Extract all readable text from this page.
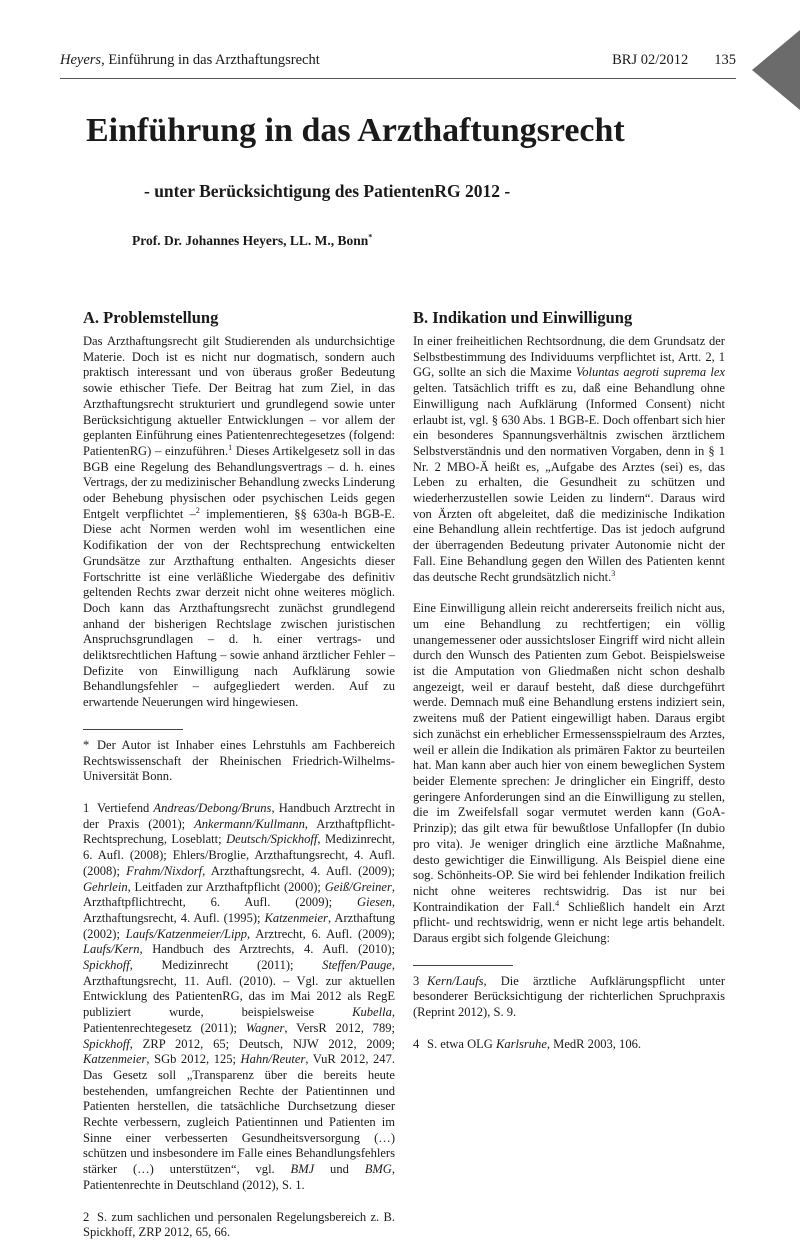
Heyers, Einführung in das Arzthaftungsrecht	BRJ 02/2012 135
Einführung in das Arzthaftungsrecht

- unter Berücksichtigung des PatientenRG 2012 -

Prof. Dr. Johannes Heyers, LL. M., Bonn*

A. Problemstellung

Das Arzthaftungsrecht gilt Studierenden als undurchsichtige Materie. Doch ist es nicht nur dogmatisch, sondern auch praktisch interessant und von überaus großer Bedeutung sowie ethischer Tiefe. Der Beitrag hat zum Ziel, in das Arzthaftungsrecht strukturiert und grundlegend sowie unter Berücksichtigung aktueller Entwicklungen – vor allem der geplanten Einführung eines Patientenrechtegesetzes (folgend: PatientenRG) – einzuführen.$^1$ Dieses Artikelgesetz soll in das BGB eine Regelung des Behandlungsvertrags – d. h. eines Vertrags, der zu medizinischer Behandlung zwecks Linderung oder Behebung physischen oder psychischen Leids gegen Entgelt verpflichtet –$^2$ implementieren, §§ 630a-h BGB-E. Diese acht Normen werden wohl im wesentlichen eine Kodifikation der von der Rechtsprechung entwickelten Grundsätze zur Arzthaftung enthalten. Angesichts dieser Fortschritte ist eine verläßliche Wiedergabe des definitiv geltenden Rechts zwar derzeit nicht ohne weiteres möglich. Doch kann das Arzthaftungsrecht zunächst grundlegend anhand der bisherigen Rechtslage zwischen juristischen Anspruchsgrundlagen – d. h. einer vertrags- und deliktsrechtlichen Haftung – sowie anhand ärztlicher Fehler – Defizite von Einwilligung nach Aufklärung sowie Behandlungsfehler – aufgegliedert werden. Auf zu erwartende Neuerungen wird hingewiesen.

* Der Autor ist Inhaber eines Lehrstuhls am Fachbereich Rechtswissenschaft der Rheinischen Friedrich-Wilhelms-Universität Bonn.

1 Vertiefend Andreas/Debong/Bruns, Handbuch Arztrecht in der Praxis (2001); Ankermann/Kullmann, Arzthaftpflicht-Rechtsprechung, Loseblatt; Deutsch/Spickhoff, Medizinrecht, 6. Aufl. (2008); Ehlers/Broglie, Arzthaftungsrecht, 4. Aufl. (2008); Frahm/Nixdorf, Arzthaftungsrecht, 4. Aufl. (2009); Gehrlein, Leitfaden zur Arzthaftpflicht (2000); Geiß/Greiner, Arzthaftpflichtrecht, 6. Aufl. (2009); Giesen, Arzthaftungsrecht, 4. Aufl. (1995); Katzenmeier, Arzthaftung (2002); Laufs/Katzenmeier/Lipp, Arztrecht, 6. Aufl. (2009); Laufs/Kern, Handbuch des Arztrechts, 4. Aufl. (2010); Spickhoff, Medizinrecht (2011); Steffen/Pauge, Arzthaftungsrecht, 11. Aufl. (2010). – Vgl. zur aktuellen Entwicklung des PatientenRG, das im Mai 2012 als RegE publiziert wurde, beispielsweise Kubella, Patientenrechtegesetz (2011); Wagner, VersR 2012, 789; Spickhoff, ZRP 2012, 65; Deutsch, NJW 2012, 2009; Katzenmeier, SGb 2012, 125; Hahn/Reuter, VuR 2012, 247. Das Gesetz soll „Transparenz über die bereits heute bestehenden, umfangreichen Rechte der Patientinnen und Patienten herstellen, die tatsächliche Durchsetzung dieser Rechte verbessern, zugleich Patientinnen und Patienten im Sinne einer verbesserten Gesundheitsversorgung (…) schützen und insbesondere im Falle eines Behandlungsfehlers stärker (…) unterstützen“, vgl. BMJ und BMG, Patientenrechte in Deutschland (2012), S. 1.

2 S. zum sachlichen und personalen Regelungsbereich z. B. Spickhoff, ZRP 2012, 65, 66.

B. Indikation und Einwilligung

In einer freiheitlichen Rechtsordnung, die dem Grundsatz der Selbstbestimmung des Individuums verpflichtet ist, Artt. 2, 1 GG, sollte an sich die Maxime Voluntas aegroti suprema lex gelten. Tatsächlich trifft es zu, daß eine Behandlung ohne Einwilligung nach Aufklärung (Informed Consent) nicht erlaubt ist, vgl. § 630 Abs. 1 BGB-E. Doch offenbart sich hier ein besonderes Spannungsverhältnis zwischen ärztlichem Selbstverständnis und den normativen Vorgaben, denn in § 1 Nr. 2 MBO-Ä heißt es, „Aufgabe des Arztes (sei) es, das Leben zu erhalten, die Gesundheit zu schützen und wiederherzustellen sowie Leiden zu lindern“. Daraus wird von Ärzten oft abgeleitet, daß die medizinische Indikation eine Behandlung allein rechtfertige. Das ist jedoch aufgrund der überragenden Bedeutung privater Autonomie nicht der Fall. Eine Behandlung gegen den Willen des Patienten kennt das deutsche Recht grundsätzlich nicht.$^3$

Eine Einwilligung allein reicht andererseits freilich nicht aus, um eine Behandlung zu rechtfertigen; ein völlig unangemessener oder aussichtsloser Eingriff wird nicht allein durch den Wunsch des Patienten zum Gebot. Beispielsweise ist die Amputation von Gliedmaßen nicht schon deshalb angezeigt, weil er darauf besteht, daß diese durchgeführt werde. Demnach muß eine Behandlung erstens indiziert sein, zweitens muß der Patient eingewilligt haben. Daraus ergibt sich zunächst ein erheblicher Ermessensspielraum des Arztes, weil er allein die Indikation als primären Faktor zu beurteilen hat. Man kann aber auch hier von einem beweglichen System beider Elemente sprechen: Je dringlicher ein Eingriff, desto geringere Anforderungen sind an die Einwilligung zu stellen, die im Zweifelsfall sogar vermutet werden kann (GoA-Prinzip); das gilt etwa für bewußtlose Unfallopfer (In dubio pro vita). Je weniger dringlich eine ärztliche Maßnahme, desto gewichtiger die Einwilligung. Als Beispiel diene eine sog. Schönheits-OP. Sie wird bei fehlender Indikation freilich nicht ohne weiteres rechtswidrig. Das ist nur bei Kontraindikation der Fall.$^4$ Schließlich handelt ein Arzt pflicht- und rechtswidrig, wenn er nicht lege artis behandelt. Daraus ergibt sich folgende Gleichung:

3 Kern/Laufs, Die ärztliche Aufklärungspflicht unter besonderer Berücksichtigung der richterlichen Spruchpraxis (Reprint 2012), S. 9.

4 S. etwa OLG Karlsruhe, MedR 2003, 106.
